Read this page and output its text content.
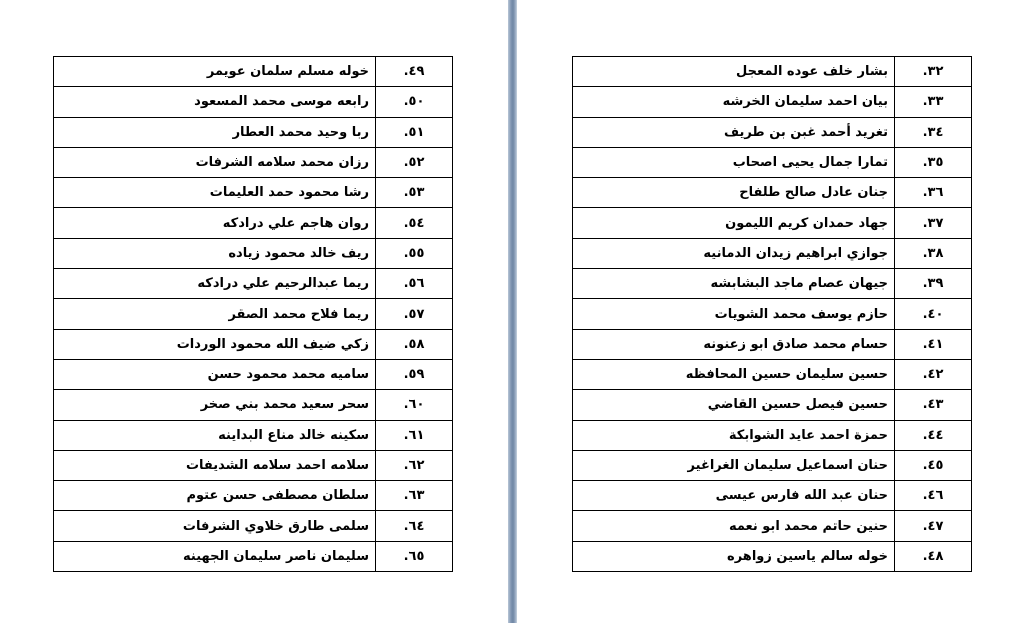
٤٩.	خوله مسلم سلمان عويمر
٥٠.	رابعه موسى محمد المسعود
٥١.	ربا وحيد محمد العطار
٥٢.	رزان محمد سلامه الشرفات
٥٣.	رشا محمود حمد العليمات
٥٤.	روان هاجم علي درادكه
٥٥.	ريف خالد محمود زياده
٥٦.	ريما عبدالرحيم علي درادكه
٥٧.	ريما فلاح محمد الصقر
٥٨.	زكي ضيف الله محمود الوردات
٥٩.	ساميه محمد محمود حسن
٦٠.	سحر سعيد محمد بني صخر
٦١.	سكينه خالد مناع البداينه
٦٢.	سلامه احمد سلامه الشديفات
٦٣.	سلطان مصطفى حسن عتوم
٦٤.	سلمى طارق خلاوي الشرفات
٦٥.	سليمان ناصر سليمان الجهينه
٣٢.	بشار خلف عوده المعجل
٣٣.	بيان احمد سليمان الخرشه
٣٤.	تغريد أحمد غبن بن طريف
٣٥.	تمارا جمال يحيى اصحاب
٣٦.	جنان عادل صالح طلفاح
٣٧.	جهاد حمدان كريم الليمون
٣٨.	جوازي ابراهيم زيدان الدمانيه
٣٩.	جيهان عصام ماجد البشابشه
٤٠.	حازم يوسف محمد الشويات
٤١.	حسام محمد صادق ابو زعنونه
٤٢.	حسين سليمان حسين المحافظه
٤٣.	حسين فيصل حسين القاضي
٤٤.	حمزة احمد عايد الشوابكة
٤٥.	حنان اسماعيل سليمان الغراغير
٤٦.	حنان عبد الله فارس عيسى
٤٧.	حنين حاتم محمد ابو نعمه
٤٨.	خوله سالم ياسين زواهره
